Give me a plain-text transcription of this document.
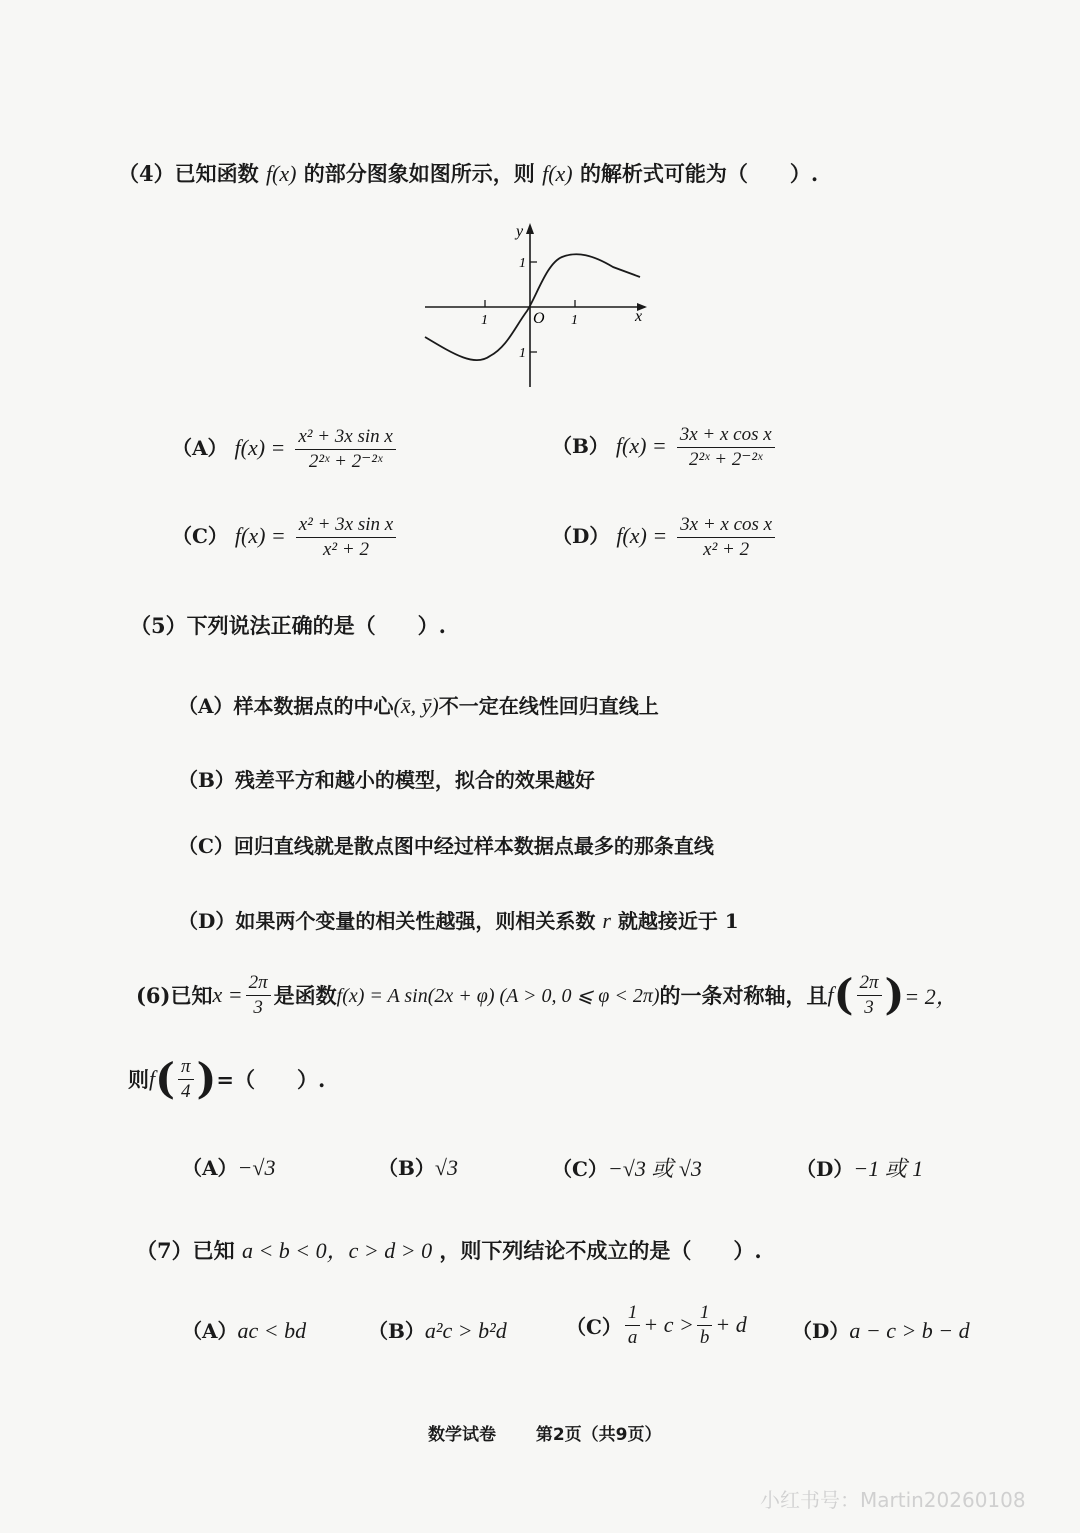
（4）已知函数 f(x) 的部分图象如图所示，则 f(x) 的解析式可能为（　　）.
y
x
O
1	1
1
1
（A） $f(x) = \frac{\text{x² + 3x sin x}}{\text{2²ˣ + 2⁻²ˣ}}$	（B） $f(x) = \frac{\text{3x + x cos x}}{\text{2²ˣ + 2⁻²ˣ}}$
（C） $f(x) = \frac{\text{x² + 3x sin x}}{\text{x² + 2}}$	（D） $f(x) = \frac{\text{3x + x cos x}}{\text{x² + 2}}$
（5）下列说法正确的是（　　）.
（A）样本数据点的中心(x̄, ȳ)不一定在线性回归直线上
（B）残差平方和越小的模型，拟合的效果越好
（C）回归直线就是散点图中经过样本数据点最多的那条直线
（D）如果两个变量的相关性越强，则相关系数 r 就越接近于 1
(6)已知 $x = \frac{2\pi}{3}$ 是函数 f(x) = A sin(2x + φ) (A > 0, 0 ⩽ φ < 2π) 的一条对称轴，且 f ( $\frac{2\pi}{3}$ ) = 2，
则 f ( $\frac{\pi}{4}$ ) =（　　）.
（A）−√3	（B）√3	（C）−√3 或 √3	（D）−1 或 1
（7）已知 a < b < 0，c > d > 0 ，则下列结论不成立的是（　　）.
（A）ac < bd	（B）a²c > b²d	$(C) \frac{1}{a} + c > \frac{1}{b} + d$ （D）a − c > b − d
数学试卷 第2页（共9页）
小红书号：Martin20260108
